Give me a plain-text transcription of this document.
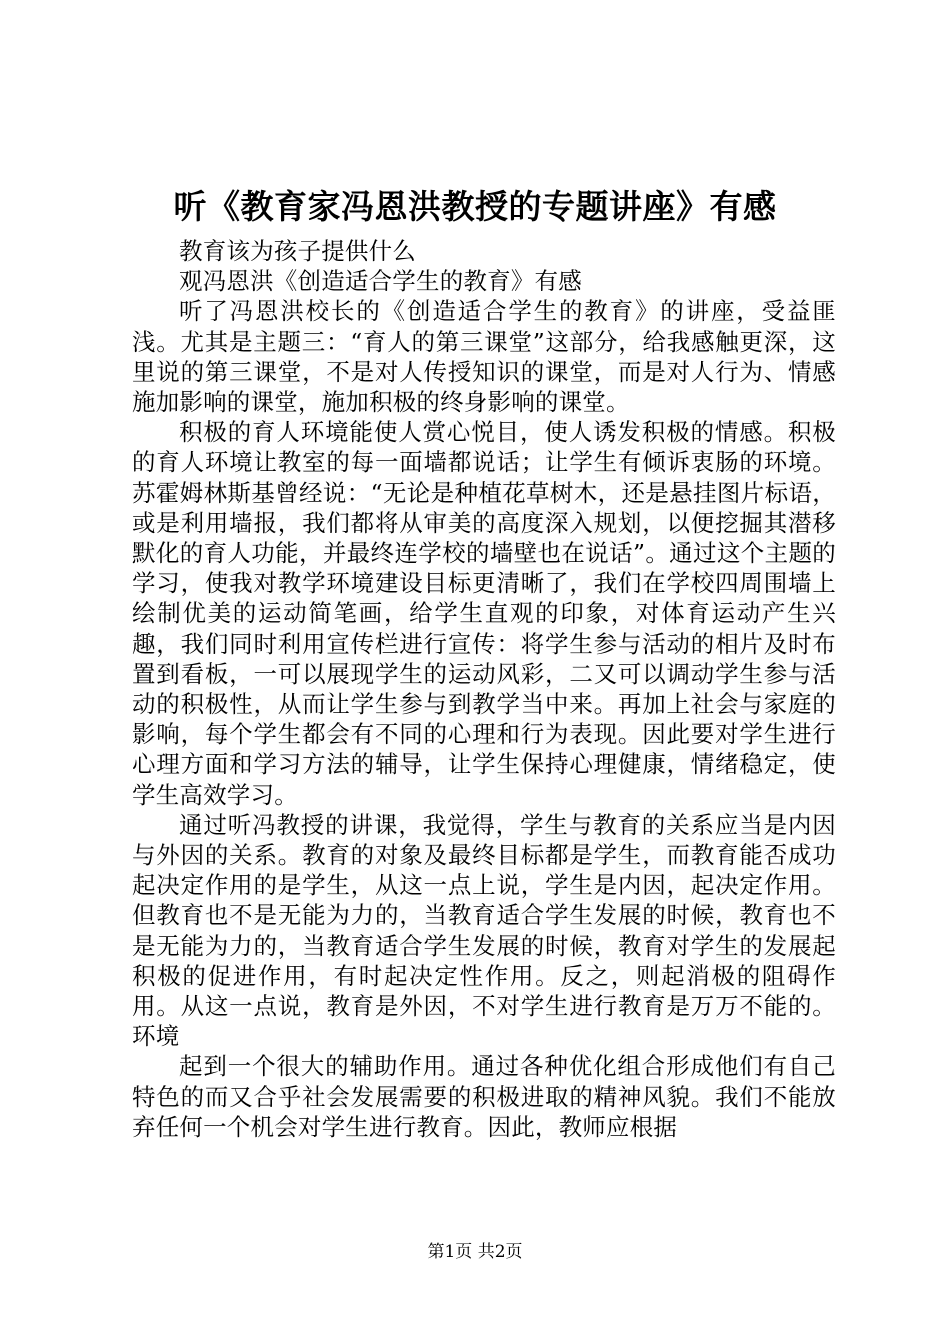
听《教育家冯恩洪教授的专题讲座》有感

教育该为孩子提供什么

观冯恩洪《创造适合学生的教育》有感

听了冯恩洪校长的《创造适合学生的教育》的讲座，受益匪浅。尤其是主题三：“育人的第三课堂”这部分，给我感触更深，这里说的第三课堂，不是对人传授知识的课堂，而是对人行为、情感施加影响的课堂，施加积极的终身影响的课堂。

积极的育人环境能使人赏心悦目，使人诱发积极的情感。积极的育人环境让教室的每一面墙都说话；让学生有倾诉衷肠的环境。苏霍姆林斯基曾经说：“无论是种植花草树木，还是悬挂图片标语，或是利用墙报，我们都将从审美的高度深入规划，以便挖掘其潜移默化的育人功能，并最终连学校的墙壁也在说话”。通过这个主题的学习，使我对教学环境建设目标更清晰了，我们在学校四周围墙上绘制优美的运动简笔画，给学生直观的印象，对体育运动产生兴趣，我们同时利用宣传栏进行宣传：将学生参与活动的相片及时布置到看板，一可以展现学生的运动风彩，二又可以调动学生参与活动的积极性，从而让学生参与到教学当中来。再加上社会与家庭的影响，每个学生都会有不同的心理和行为表现。因此要对学生进行心理方面和学习方法的辅导，让学生保持心理健康，情绪稳定，使学生高效学习。

通过听冯教授的讲课，我觉得，学生与教育的关系应当是内因与外因的关系。教育的对象及最终目标都是学生，而教育能否成功起决定作用的是学生，从这一点上说，学生是内因，起决定作用。但教育也不是无能为力的，当教育适合学生发展的时候，教育也不是无能为力的，当教育适合学生发展的时候，教育对学生的发展起积极的促进作用，有时起决定性作用。反之，则起消极的阻碍作用。从这一点说，教育是外因，不对学生进行教育是万万不能的。环境

起到一个很大的辅助作用。通过各种优化组合形成他们有自己特色的而又合乎社会发展需要的积极进取的精神风貌。我们不能放弃任何一个机会对学生进行教育。因此，教师应根据

第1页 共2页
